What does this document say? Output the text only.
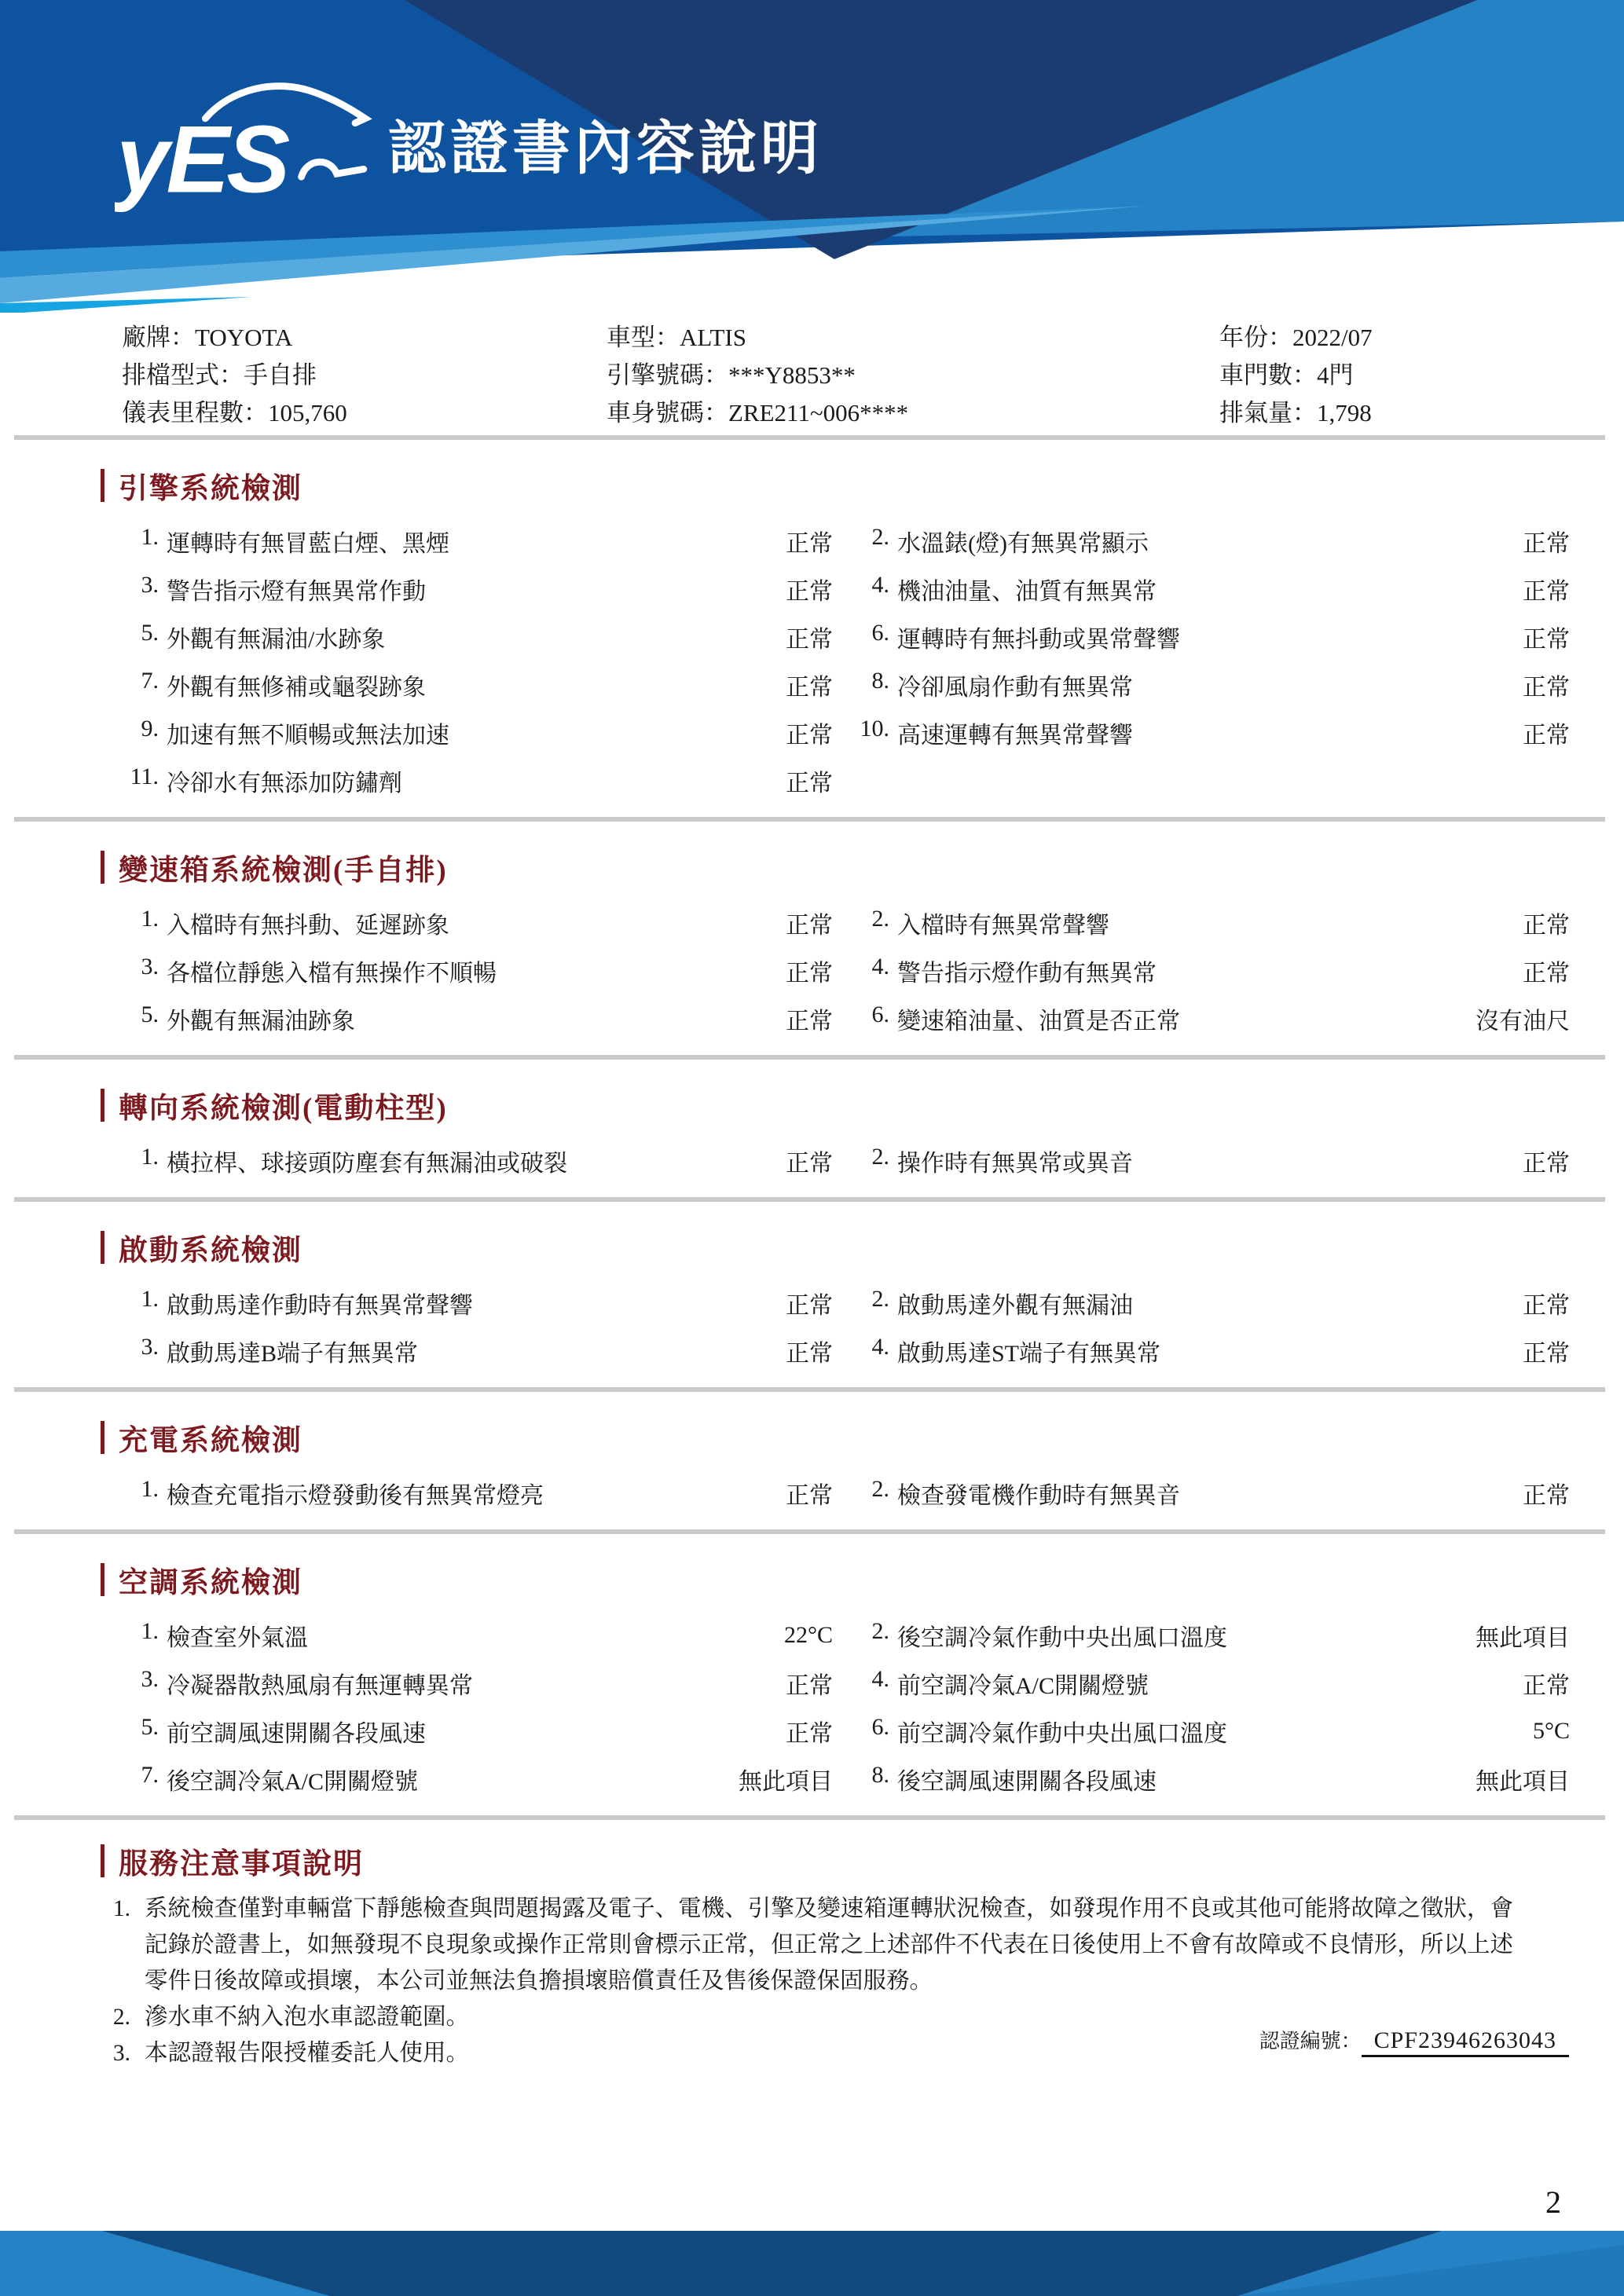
yES 認證書內容說明
廠牌：TOYOTA	車型：ALTIS	年份：2022/07
排檔型式：手自排	引擎號碼：***Y8853**	車門數：4門
儀表里程數：105,760	車身號碼：ZRE211~006****	排氣量：1,798
引擎系統檢測
1. 運轉時有無冒藍白煙、黑煙	正常	2. 水溫錶(燈)有無異常顯示	正常
3. 警告指示燈有無異常作動	正常	4. 機油油量、油質有無異常	正常
5. 外觀有無漏油/水跡象	正常	6. 運轉時有無抖動或異常聲響	正常
7. 外觀有無修補或龜裂跡象	正常	8. 冷卻風扇作動有無異常	正常
9. 加速有無不順暢或無法加速	正常	10. 高速運轉有無異常聲響	正常
11. 冷卻水有無添加防鏽劑	正常
變速箱系統檢測(手自排)
1. 入檔時有無抖動、延遲跡象	正常	2. 入檔時有無異常聲響	正常
3. 各檔位靜態入檔有無操作不順暢	正常	4. 警告指示燈作動有無異常	正常
5. 外觀有無漏油跡象	正常	6. 變速箱油量、油質是否正常	沒有油尺
轉向系統檢測(電動柱型)
1. 橫拉桿、球接頭防塵套有無漏油或破裂	正常	2. 操作時有無異常或異音	正常
啟動系統檢測
1. 啟動馬達作動時有無異常聲響	正常	2. 啟動馬達外觀有無漏油	正常
3. 啟動馬達B端子有無異常	正常	4. 啟動馬達ST端子有無異常	正常
充電系統檢測
1. 檢查充電指示燈發動後有無異常燈亮	正常	2. 檢查發電機作動時有無異音	正常
空調系統檢測
1. 檢查室外氣溫	22°C	2. 後空調冷氣作動中央出風口溫度	無此項目
3. 冷凝器散熱風扇有無運轉異常	正常	4. 前空調冷氣A/C開關燈號	正常
5. 前空調風速開關各段風速	正常	6. 前空調冷氣作動中央出風口溫度	5°C
7. 後空調冷氣A/C開關燈號	無此項目	8. 後空調風速開關各段風速	無此項目
服務注意事項說明
1. 系統檢查僅對車輛當下靜態檢查與問題揭露及電子、電機、引擎及變速箱運轉狀況檢查，如發現作用不良或其他可能將故障之徵狀，會記錄於證書上，如無發現不良現象或操作正常則會標示正常，但正常之上述部件不代表在日後使用上不會有故障或不良情形，所以上述零件日後故障或損壞，本公司並無法負擔損壞賠償責任及售後保證保固服務。
2. 滲水車不納入泡水車認證範圍。
3. 本認證報告限授權委託人使用。	認證編號： CPF23946263043
2
